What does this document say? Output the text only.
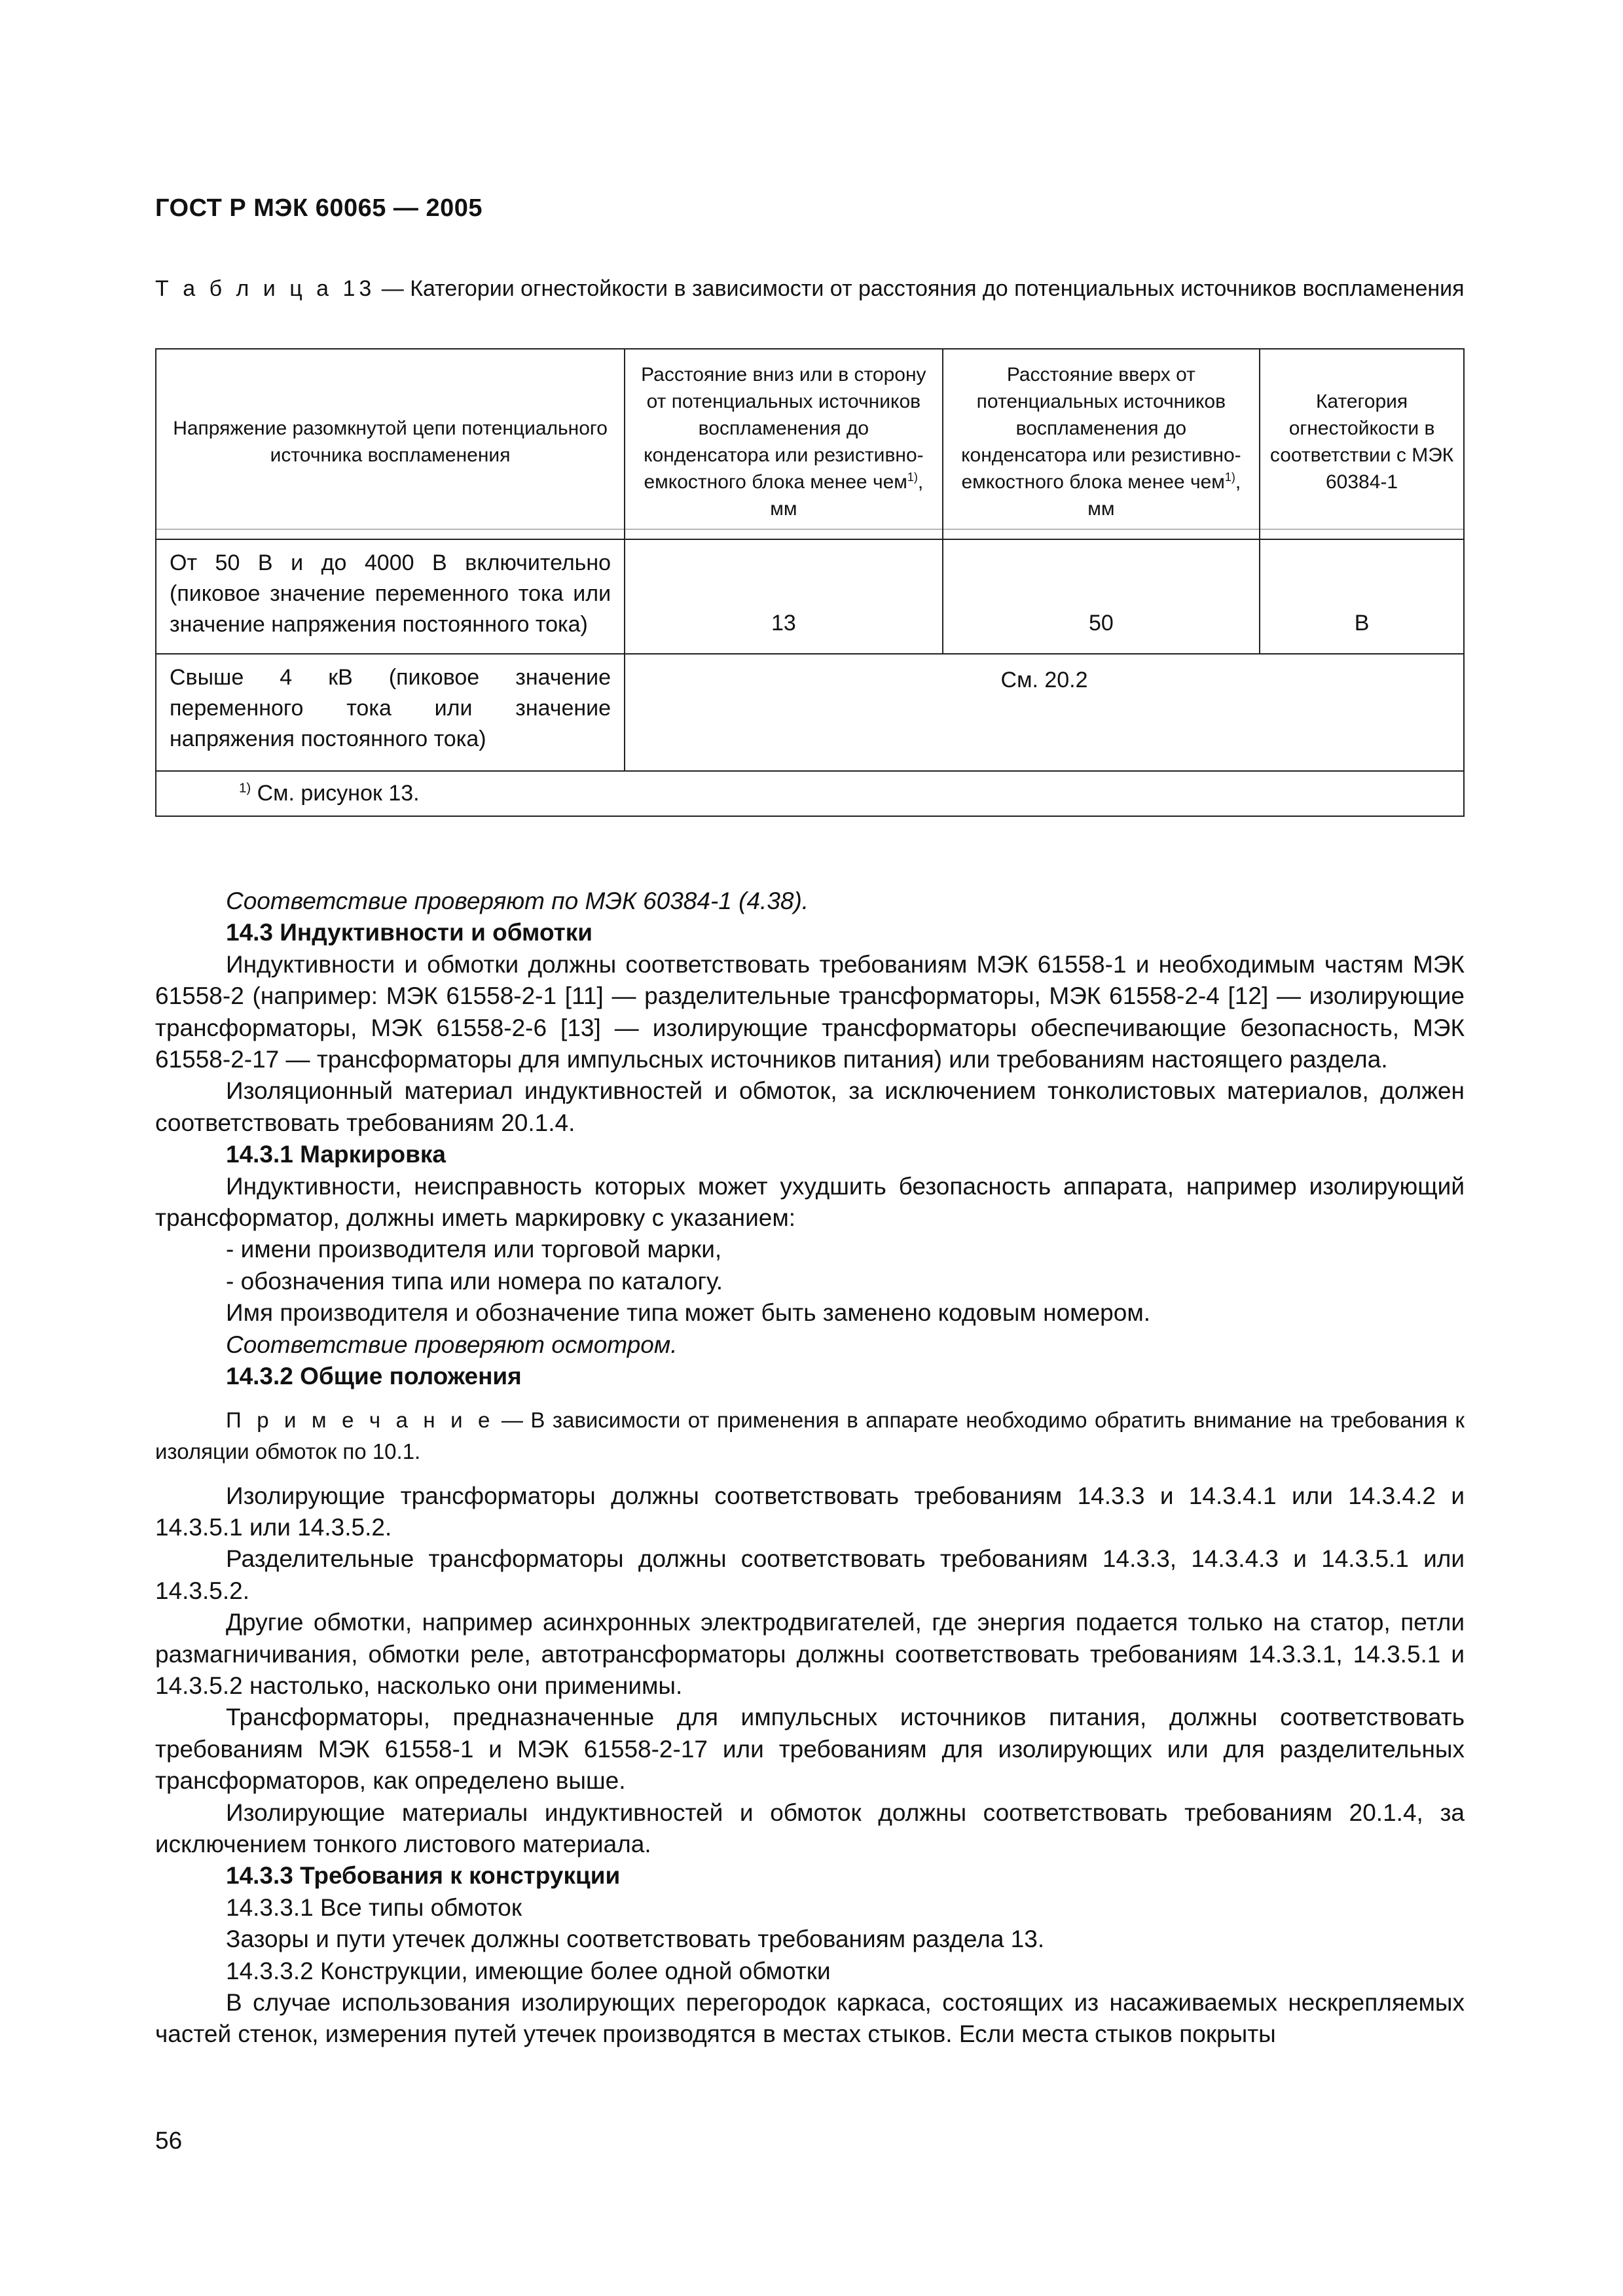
ГОСТ Р МЭК 60065 — 2005
Т а б л и ц а 13 — Категории огнестойкости в зависимости от расстояния до потенциальных источников воспламенения
Напряжение разомкнутой цепи потенциального источника воспламенения	Расстояние вниз или в сторону от потенциальных источников воспламенения до конденсатора или резистивно-емкостного блока менее чем$^{1)}$, мм	Расстояние вверх от потенциальных источников воспламенения до конденсатора или резистивно-емкостного блока менее чем$^{1)}$, мм	Категория огнестойкости в соответствии с МЭК 60384-1

От 50 В и до 4000 В включительно (пиковое значение переменного тока или значение напряжения постоянного тока)	13	50	B
Свыше 4 кВ (пиковое значение переменного тока или значение напряжения постоянного тока)	См. 20.2		
$^{1)}$ См. рисунок 13.			

Соответствие проверяют по МЭК 60384-1 (4.38).

14.3 Индуктивности и обмотки

Индуктивности и обмотки должны соответствовать требованиям МЭК 61558-1 и необходимым частям МЭК 61558-2 (например: МЭК 61558-2-1 [11] — разделительные трансформаторы, МЭК 61558-2-4 [12] — изолирующие трансформаторы, МЭК 61558-2-6 [13] — изолирующие трансформаторы обеспечивающие безопасность, МЭК 61558-2-17 — трансформаторы для импульсных источников питания) или требованиям настоящего раздела.

Изоляционный материал индуктивностей и обмоток, за исключением тонколистовых материалов, должен соответствовать требованиям 20.1.4.

14.3.1 Маркировка

Индуктивности, неисправность которых может ухудшить безопасность аппарата, например изолирующий трансформатор, должны иметь маркировку с указанием:

- имени производителя или торговой марки,

- обозначения типа или номера по каталогу.

Имя производителя и обозначение типа может быть заменено кодовым номером.

Соответствие проверяют осмотром.

14.3.2 Общие положения

П р и м е ч а н и е — В зависимости от применения в аппарате необходимо обратить внимание на требования к изоляции обмоток по 10.1.

Изолирующие трансформаторы должны соответствовать требованиям 14.3.3 и 14.3.4.1 или 14.3.4.2 и 14.3.5.1 или 14.3.5.2.

Разделительные трансформаторы должны соответствовать требованиям 14.3.3, 14.3.4.3 и 14.3.5.1 или 14.3.5.2.

Другие обмотки, например асинхронных электродвигателей, где энергия подается только на статор, петли размагничивания, обмотки реле, автотрансформаторы должны соответствовать требованиям 14.3.3.1, 14.3.5.1 и 14.3.5.2 настолько, насколько они применимы.

Трансформаторы, предназначенные для импульсных источников питания, должны соответствовать требованиям МЭК 61558-1 и МЭК 61558-2-17 или требованиям для изолирующих или для разделительных трансформаторов, как определено выше.

Изолирующие материалы индуктивностей и обмоток должны соответствовать требованиям 20.1.4, за исключением тонкого листового материала.

14.3.3 Требования к конструкции

14.3.3.1 Все типы обмоток

Зазоры и пути утечек должны соответствовать требованиям раздела 13.

14.3.3.2 Конструкции, имеющие более одной обмотки

В случае использования изолирующих перегородок каркаса, состоящих из насаживаемых нескрепляемых частей стенок, измерения путей утечек производятся в местах стыков. Если места стыков покрыты

56
